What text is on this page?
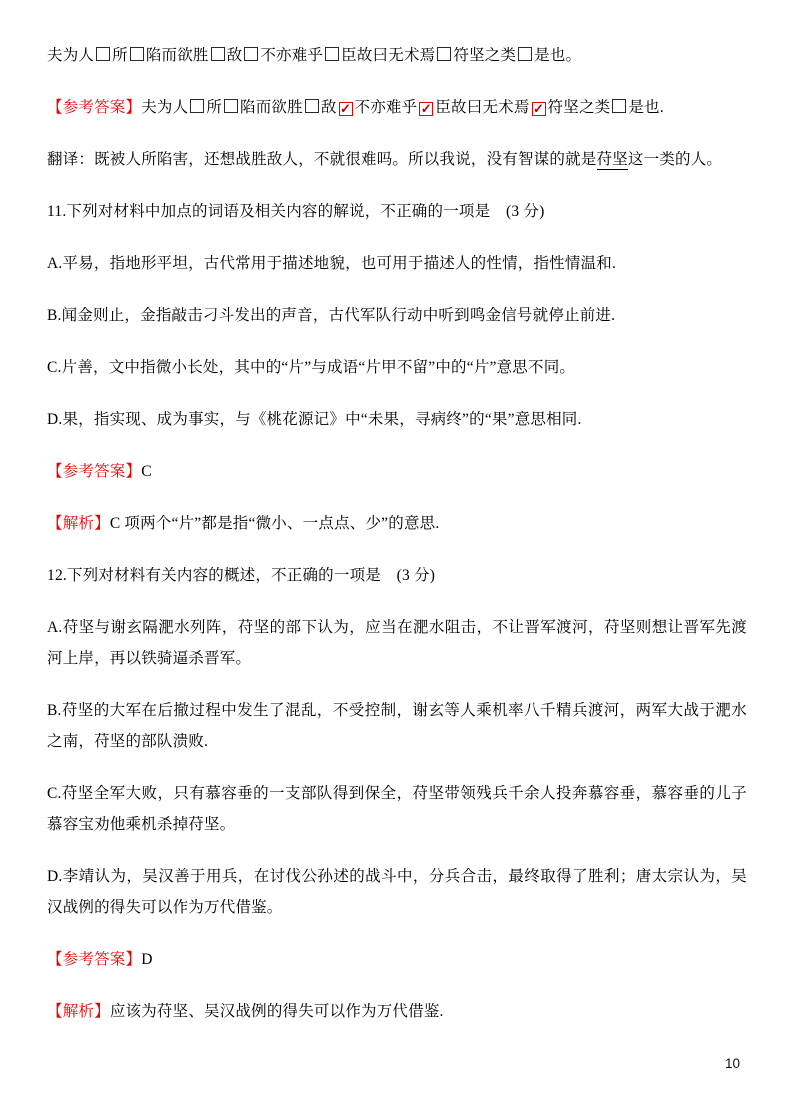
夫为人 所 陷而欲胜 敌 不亦难乎 臣故曰无术焉 符坚之类 是也。

【参考答案】夫为人 所 陷而欲胜 敌 ✓ 不亦难乎 ✓ 臣故曰无术焉 ✓ 符坚之类 是也.

翻译：既被人所陷害，还想战胜敌人，不就很难吗。所以我说，没有智谋的就是苻坚这一类的人。

11.下列对材料中加点的词语及相关内容的解说，不正确的一项是　(3 分)

A.平易，指地形平坦，古代常用于描述地貌，也可用于描述人的性情，指性情温和.

B.闻金则止，金指敲击刁斗发出的声音，古代军队行动中听到鸣金信号就停止前进.

C.片善，文中指微小长处，其中的“片”与成语“片甲不留”中的“片”意思不同。

D.果，指实现、成为事实，与《桃花源记》中“未果，寻病终”的“果”意思相同.

【参考答案】C

【解析】C 项两个“片”都是指“微小、一点点、少”的意思.

12.下列对材料有关内容的概述，不正确的一项是　(3 分)

A.苻坚与谢玄隔淝水列阵，苻坚的部下认为，应当在淝水阻击，不让晋军渡河，苻坚则想让晋军先渡河上岸，再以铁骑逼杀晋军。

B.苻坚的大军在后撤过程中发生了混乱，不受控制，谢玄等人乘机率八千精兵渡河，两军大战于淝水之南，苻坚的部队溃败.

C.苻坚全军大败，只有慕容垂的一支部队得到保全，苻坚带领残兵千余人投奔慕容垂，慕容垂的儿子慕容宝劝他乘机杀掉苻坚。

D.李靖认为，吴汉善于用兵，在讨伐公孙述的战斗中，分兵合击，最终取得了胜利；唐太宗认为，吴汉战例的得失可以作为万代借鉴。

【参考答案】D

【解析】应该为苻坚、吴汉战例的得失可以作为万代借鉴.

10
